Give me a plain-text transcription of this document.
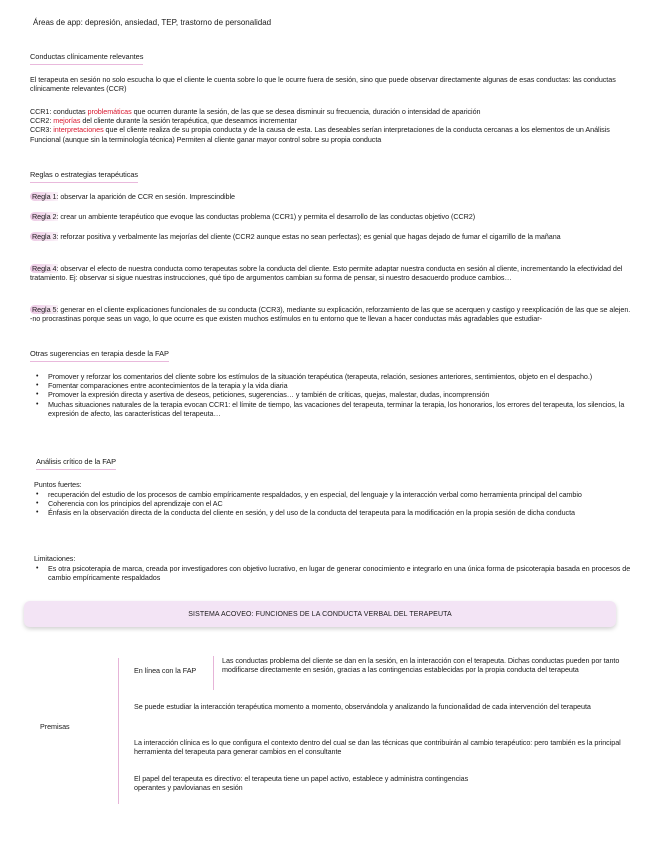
Áreas de app: depresión, ansiedad, TEP, trastorno de personalidad
Conductas clínicamente relevantes
El terapeuta en sesión no solo escucha lo que el cliente le cuenta sobre lo que le ocurre fuera de sesión, sino que puede observar directamente algunas de esas conductas: las conductas clínicamente relevantes (CCR)
CCR1: conductas problemáticas que ocurren durante la sesión, de las que se desea disminuir su frecuencia, duración o intensidad de aparición
CCR2: mejorías del cliente durante la sesión terapéutica, que deseamos incrementar
CCR3: interpretaciones que el cliente realiza de su propia conducta y de la causa de esta. Las deseables serían interpretaciones de la conducta cercanas a los elementos de un Análisis Funcional (aunque sin la terminología técnica) Permiten al cliente ganar mayor control sobre su propia conducta
Reglas o estrategias terapéuticas
Regla 1: observar la aparición de CCR en sesión. Imprescindible
Regla 2: crear un ambiente terapéutico que evoque las conductas problema (CCR1) y permita el desarrollo de las conductas objetivo (CCR2)
Regla 3: reforzar positiva y verbalmente las mejorías del cliente (CCR2 aunque estas no sean perfectas); es genial que hagas dejado de fumar el cigarrillo de la mañana
Regla 4: observar el efecto de nuestra conducta como terapeutas sobre la conducta del cliente. Esto permite adaptar nuestra conducta en sesión al cliente, incrementando la efectividad del tratamiento. Ej: observar si sigue nuestras instrucciones, qué tipo de argumentos cambian su forma de pensar, si nuestro desacuerdo produce cambios…
Regla 5: generar en el cliente explicaciones funcionales de su conducta (CCR3), mediante su explicación, reforzamiento de las que se acerquen y castigo y reexplicación de las que se alejen. -no procrastinas porque seas un vago, lo que ocurre es que existen muchos estímulos en tu entorno que te llevan a hacer conductas más agradables que estudiar-
Otras sugerencias en terapia desde la FAP
• Promover y reforzar los comentarios del cliente sobre los estímulos de la situación terapéutica (terapeuta, relación, sesiones anteriores, sentimientos, objeto en el despacho.)
• Fomentar comparaciones entre acontecimientos de la terapia y la vida diaria
• Promover la expresión directa y asertiva de deseos, peticiones, sugerencias… y también de críticas, quejas, malestar, dudas, incomprensión
• Muchas situaciones naturales de la terapia evocan CCR1: el límite de tiempo, las vacaciones del terapeuta, terminar la terapia, los honorarios, los errores del terapeuta, los silencios, la expresión de afecto, las características del terapeuta…
Análisis crítico de la FAP
Puntos fuertes:
• recuperación del estudio de los procesos de cambio empíricamente respaldados, y en especial, del lenguaje y la interacción verbal como herramienta principal del cambio
• Coherencia con los principios del aprendizaje con el AC
• Énfasis en la observación directa de la conducta del cliente en sesión, y del uso de la conducta del terapeuta para la modificación en la propia sesión de dicha conducta
Limitaciones:
• Es otra psicoterapia de marca, creada por investigadores con objetivo lucrativo, en lugar de generar conocimiento e integrarlo en una única forma de psicoterapia basada en procesos de cambio empíricamente respaldados
SISTEMA ACOVEO: FUNCIONES DE LA CONDUCTA VERBAL DEL TERAPEUTA
Premisas
En línea con la FAP
Las conductas problema del cliente se dan en la sesión, en la interacción con el terapeuta. Dichas conductas pueden por tanto modificarse directamente en sesión, gracias a las contingencias establecidas por la propia conducta del terapeuta
Se puede estudiar la interacción terapéutica momento a momento, observándola y analizando la funcionalidad de cada intervención del terapeuta
La interacción clínica es lo que configura el contexto dentro del cual se dan las técnicas que contribuirán al cambio terapéutico: pero también es la principal herramienta del terapeuta para generar cambios en el consultante
El papel del terapeuta es directivo: el terapeuta tiene un papel activo, establece y administra contingencias operantes y pavlovianas en sesión
